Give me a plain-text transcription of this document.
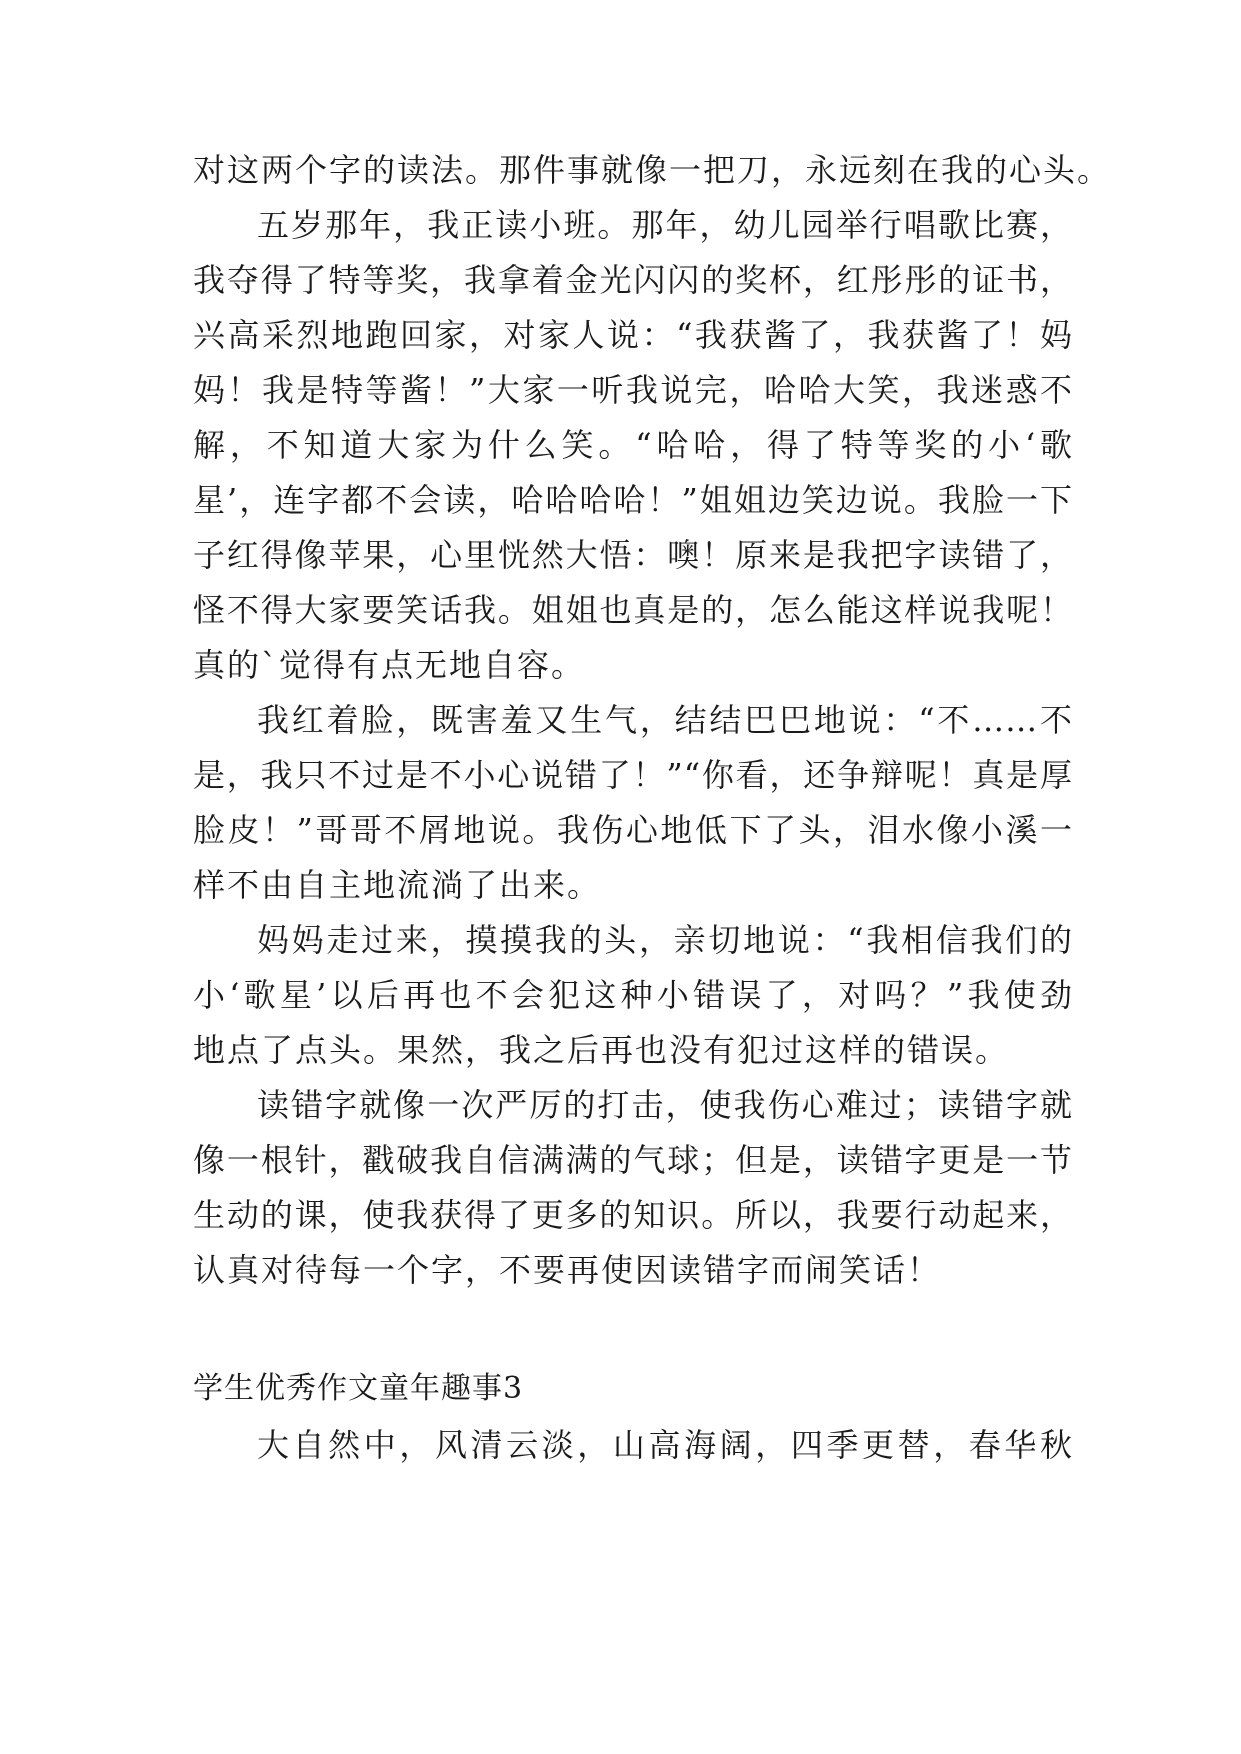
对这两个字的读法。那件事就像一把刀，永远刻在我的心头。
五岁那年，我正读小班。那年，幼儿园举行唱歌比赛，
我夺得了特等奖，我拿着金光闪闪的奖杯，红彤彤的证书，
兴高采烈地跑回家，对家人说：“我获酱了，我获酱了！妈
妈！我是特等酱！”大家一听我说完，哈哈大笑，我迷惑不
解，不知道大家为什么笑。“哈哈，得了特等奖的小‘歌
星’，连字都不会读，哈哈哈哈！”姐姐边笑边说。我脸一下
子红得像苹果，心里恍然大悟：噢！原来是我把字读错了，
怪不得大家要笑话我。姐姐也真是的，怎么能这样说我呢！
真的`觉得有点无地自容。
我红着脸，既害羞又生气，结结巴巴地说：“不……不
是，我只不过是不小心说错了！”“你看，还争辩呢！真是厚
脸皮！”哥哥不屑地说。我伤心地低下了头，泪水像小溪一
样不由自主地流淌了出来。
妈妈走过来，摸摸我的头，亲切地说：“我相信我们的
小‘歌星’以后再也不会犯这种小错误了，对吗？”我使劲
地点了点头。果然，我之后再也没有犯过这样的错误。
读错字就像一次严厉的打击，使我伤心难过；读错字就
像一根针，戳破我自信满满的气球；但是，读错字更是一节
生动的课，使我获得了更多的知识。所以，我要行动起来，
认真对待每一个字，不要再使因读错字而闹笑话！
学生优秀作文童年趣事3
大自然中，风清云淡，山高海阔，四季更替，春华秋
